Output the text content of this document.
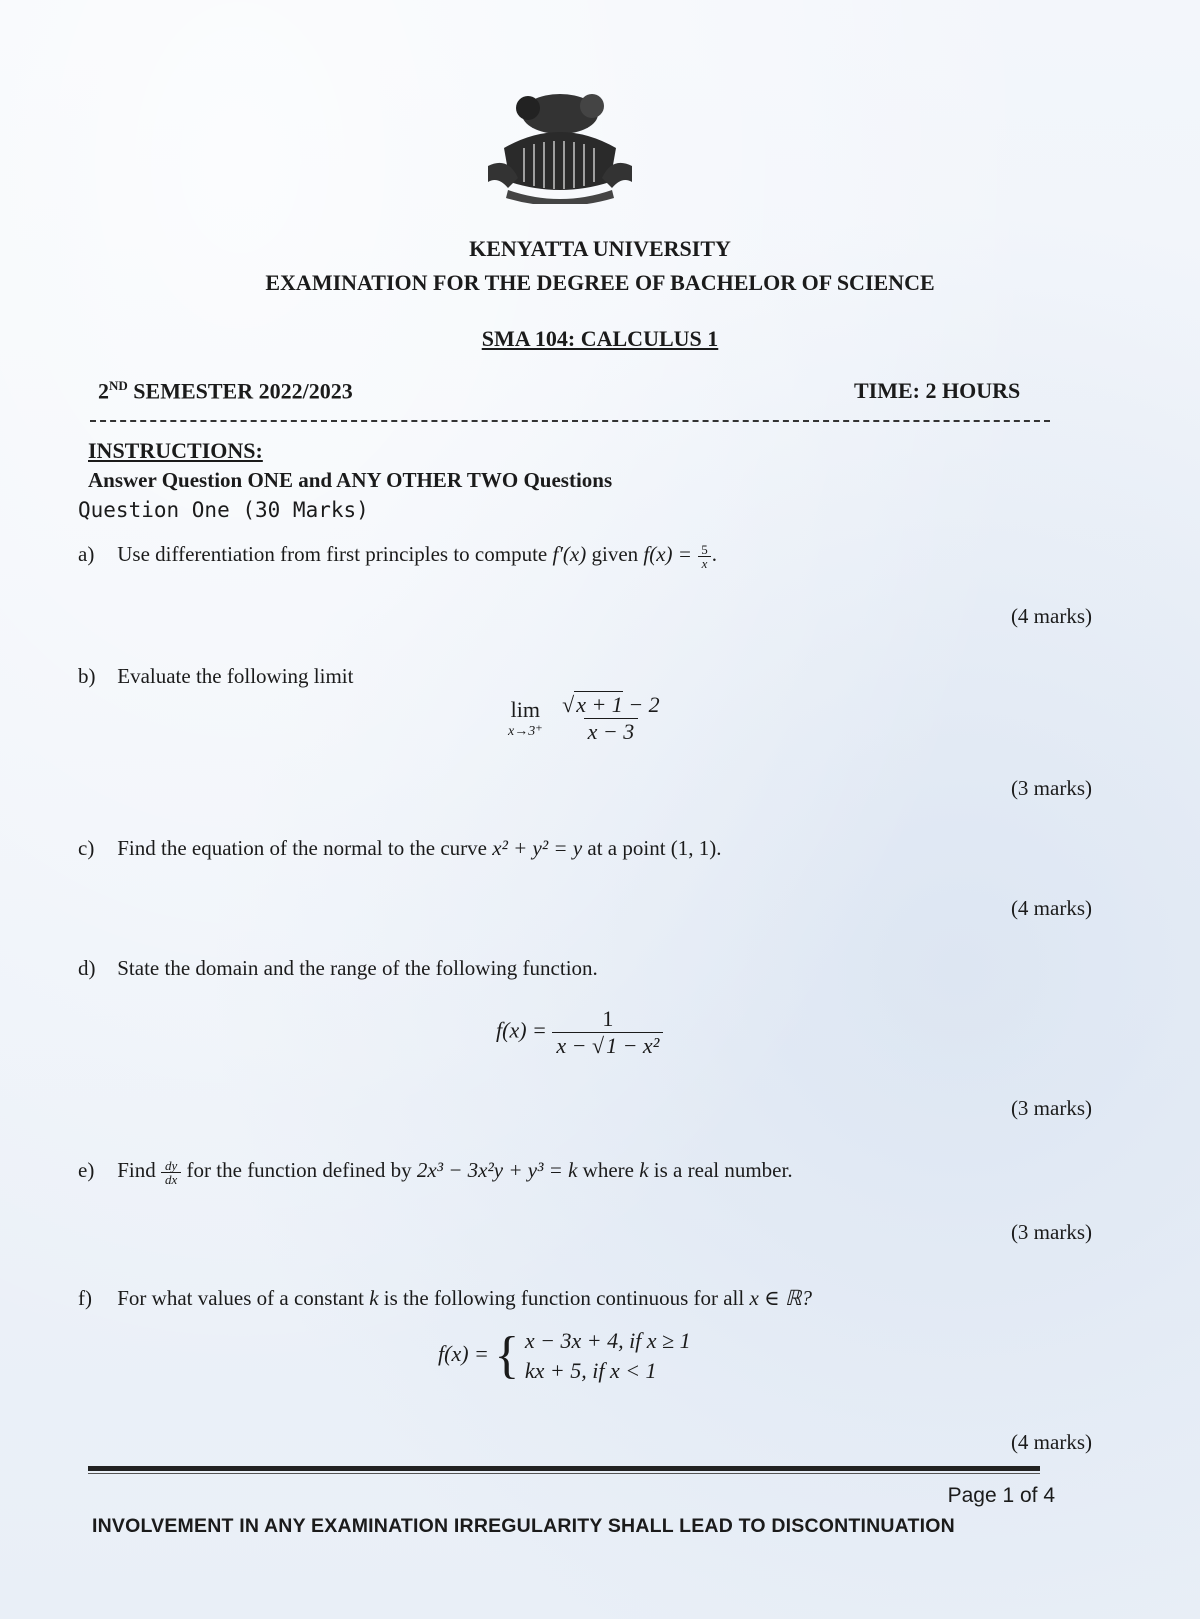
KENYATTA UNIVERSITY
EXAMINATION FOR THE DEGREE OF BACHELOR OF SCIENCE
SMA 104: CALCULUS 1
2ND SEMESTER 2022/2023	TIME: 2 HOURS
INSTRUCTIONS:
Answer Question ONE and ANY OTHER TWO Questions
Question One (30 Marks)
a) Use differentiation from first principles to compute f′(x) given $f(x) = \frac{5}{x}$ .
(4 marks)
b) Evaluate the following limit
lim
x→3⁺
$\frac{√x + 1 - 2}{x - 3}$
(3 marks)
c) Find the equation of the normal to the curve x² + y² = y at a point (1, 1).
(4 marks)
d) State the domain and the range of the following function.
$f(x) = \frac{1}{\text{x − √1 − x²}}$
(3 marks)
e) Find $\frac{dy}{dx}$ for the function defined by 2x³ − 3x²y + y³ = k where k is a real number.
(3 marks)
f) For what values of a constant k is the following function continuous for all x ∈ ℝ?
f(x) = { x − 3x + 4, if x ≥ 1
kx + 5, if x < 1
(4 marks)
Page 1 of 4
INVOLVEMENT IN ANY EXAMINATION IRREGULARITY SHALL LEAD TO DISCONTINUATION
